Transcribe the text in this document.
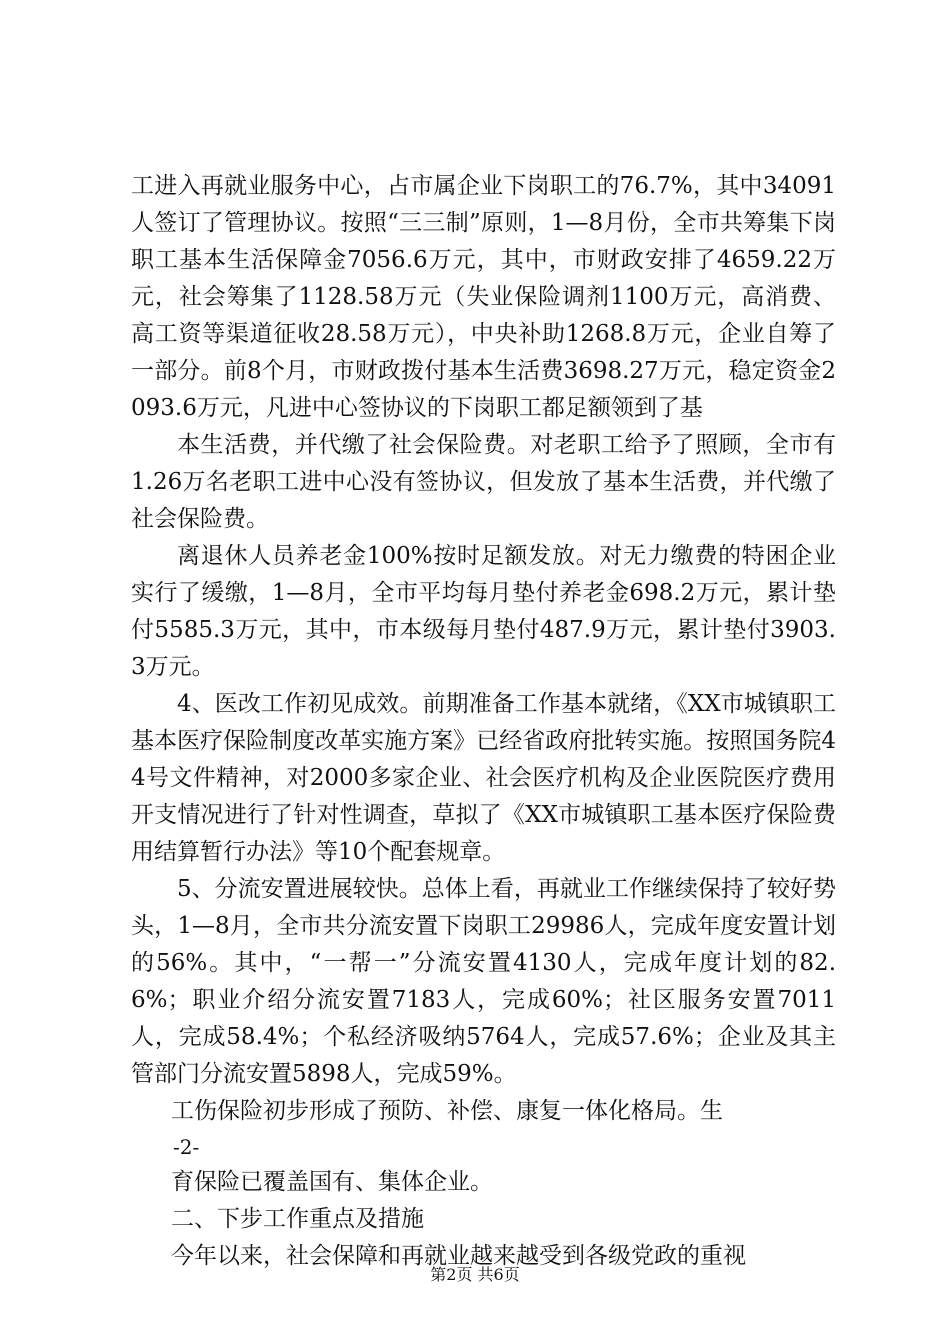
工进入再就业服务中心，占市属企业下岗职工的76.7%，其中34091人签订了管理协议。按照“三三制”原则，1—8月份，全市共筹集下岗职工基本生活保障金7056.6万元，其中，市财政安排了4659.22万元，社会筹集了1128.58万元（失业保险调剂1100万元，高消费、高工资等渠道征收28.58万元），中央补助1268.8万元，企业自筹了一部分。前8个月，市财政拨付基本生活费3698.27万元，稳定资金2093.6万元，凡进中心签协议的下岗职工都足额领到了基

本生活费，并代缴了社会保险费。对老职工给予了照顾，全市有1.26万名老职工进中心没有签协议，但发放了基本生活费，并代缴了社会保险费。

离退休人员养老金100%按时足额发放。对无力缴费的特困企业实行了缓缴，1—8月，全市平均每月垫付养老金698.2万元，累计垫付5585.3万元，其中，市本级每月垫付487.9万元，累计垫付3903.3万元。

4、医改工作初见成效。前期准备工作基本就绪，《XX市城镇职工基本医疗保险制度改革实施方案》已经省政府批转实施。按照国务院44号文件精神，对2000多家企业、社会医疗机构及企业医院医疗费用开支情况进行了针对性调查，草拟了《XX市城镇职工基本医疗保险费用结算暂行办法》等10个配套规章。

5、分流安置进展较快。总体上看，再就业工作继续保持了较好势头，1—8月，全市共分流安置下岗职工29986人，完成年度安置计划的56%。其中，“一帮一”分流安置4130人，完成年度计划的82.6%；职业介绍分流安置7183人，完成60%；社区服务安置7011人，完成58.4%；个私经济吸纳5764人，完成57.6%；企业及其主管部门分流安置5898人，完成59%。

工伤保险初步形成了预防、补偿、康复一体化格局。生

-2-

育保险已覆盖国有、集体企业。

二、下步工作重点及措施

今年以来，社会保障和再就业越来越受到各级党政的重视

第2页 共6页
